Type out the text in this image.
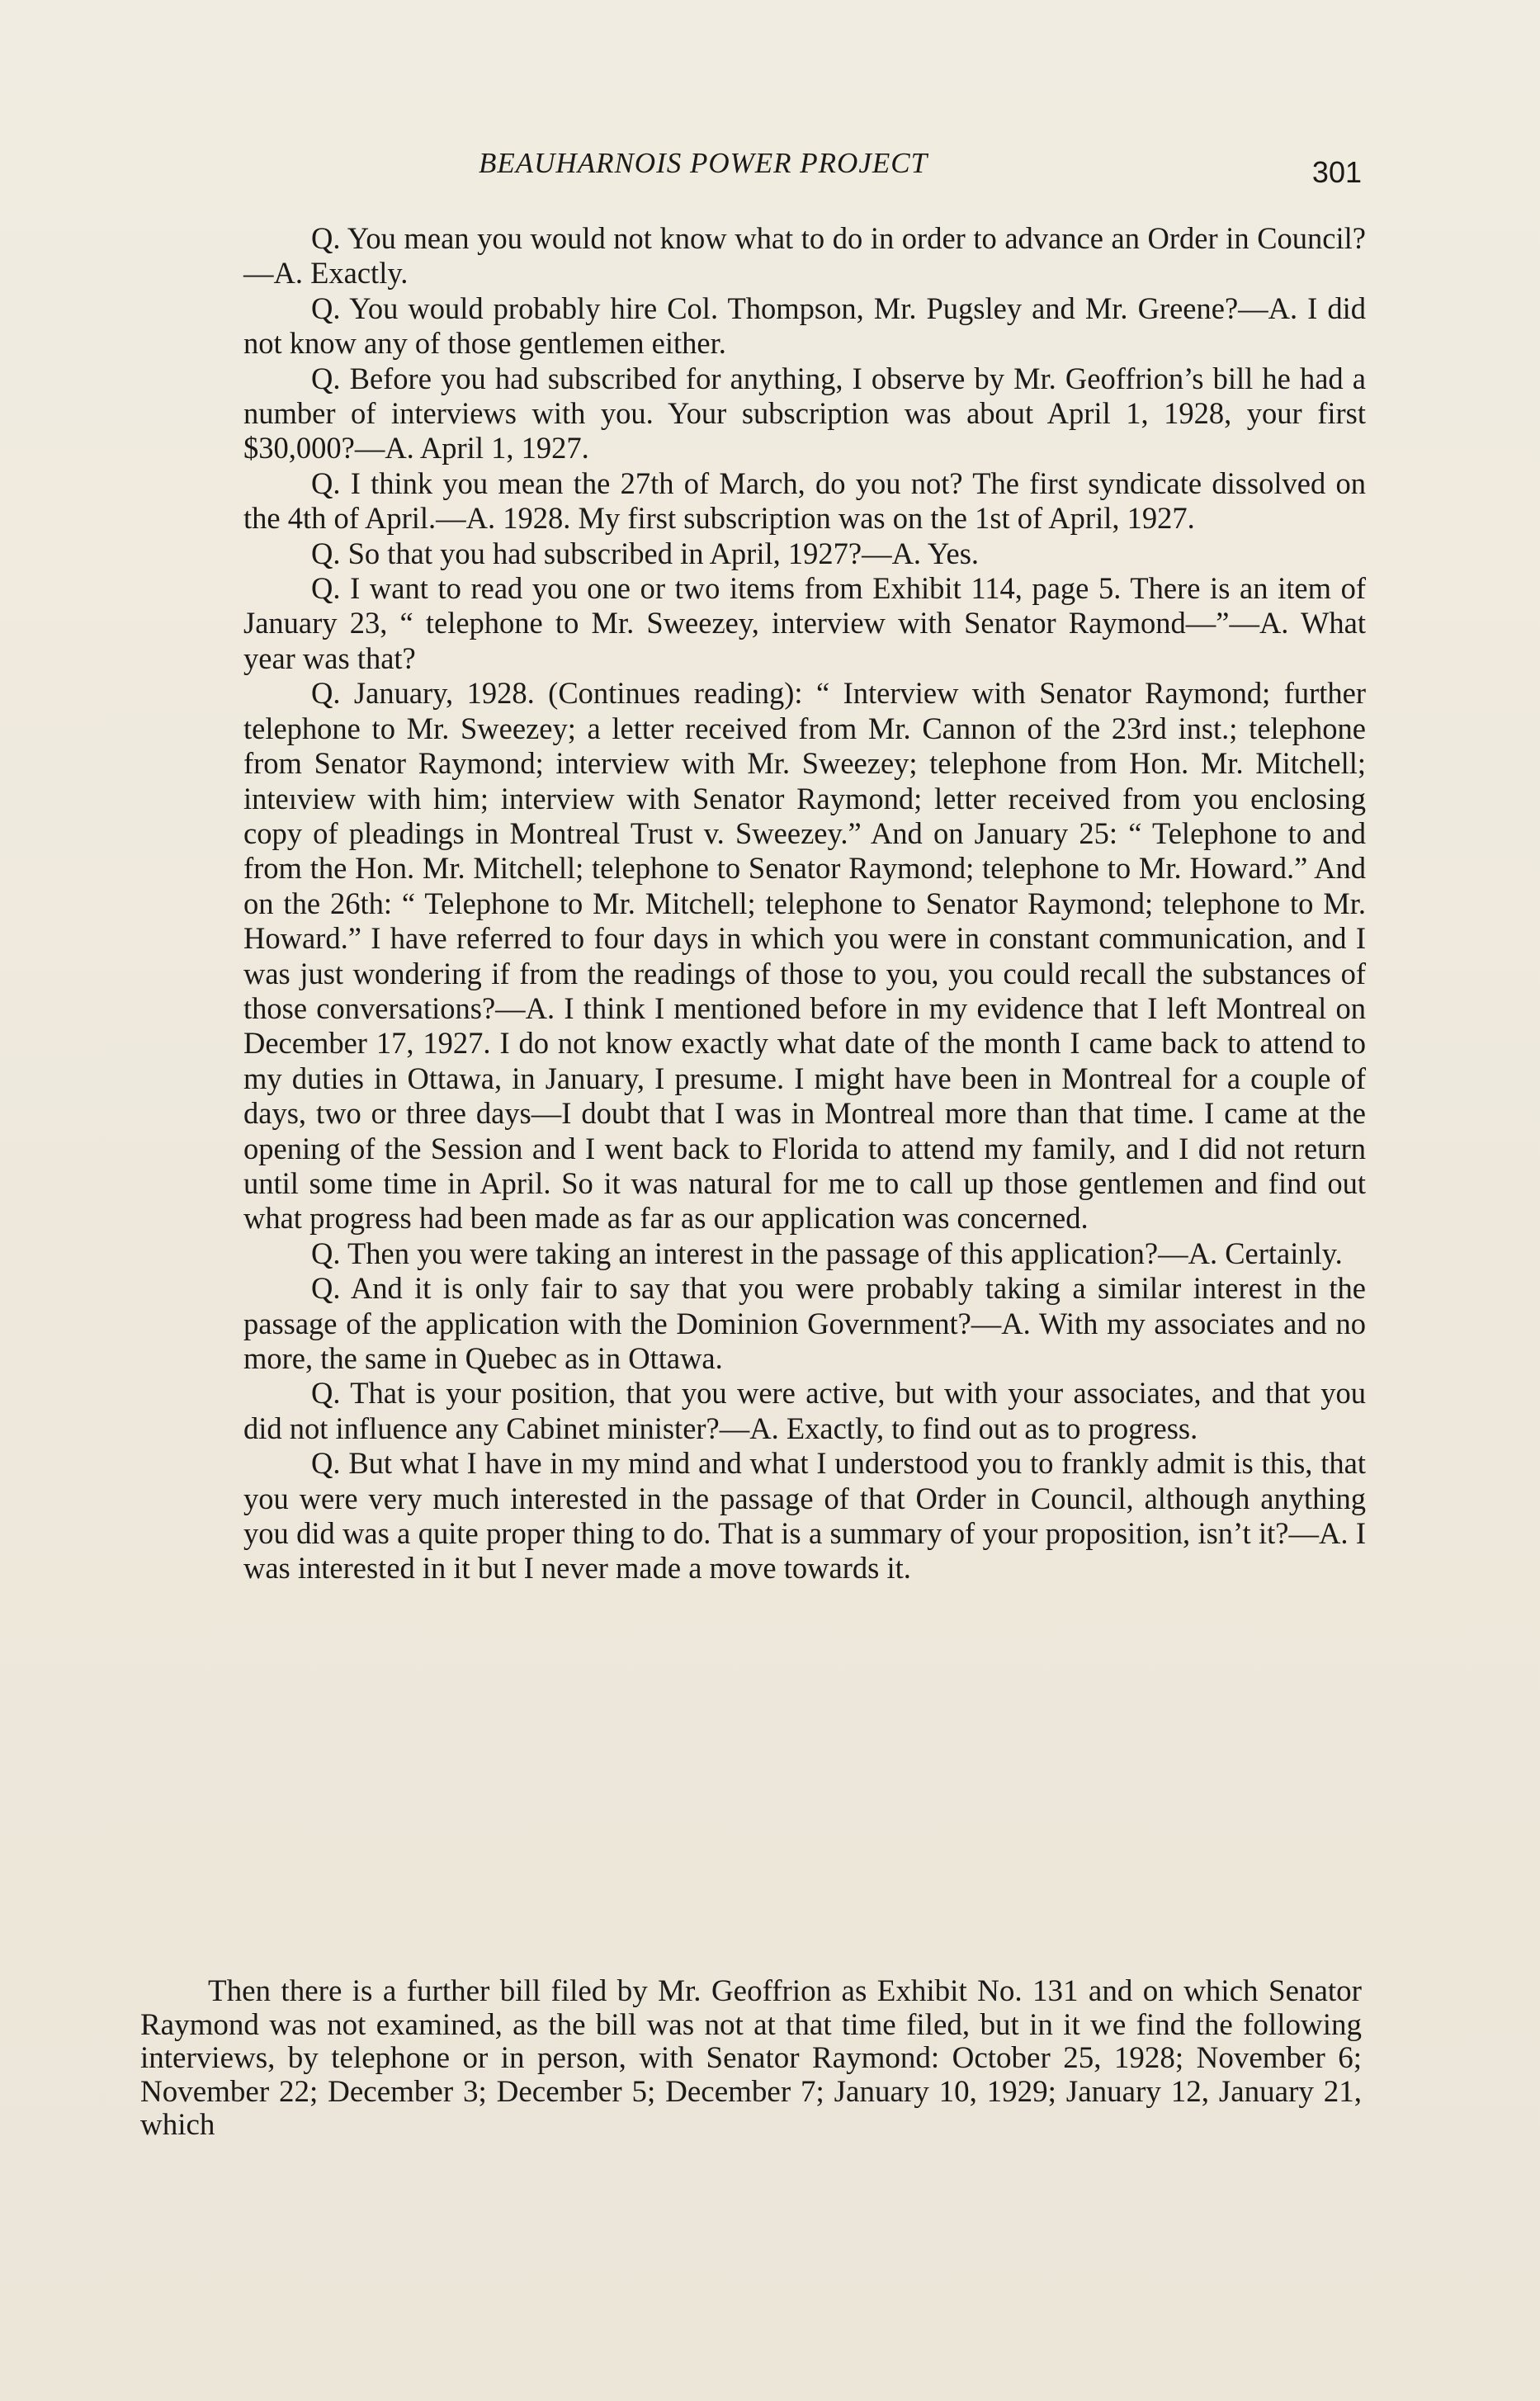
BEAUHARNOIS POWER PROJECT	301

Q. You mean you would not know what to do in order to advance an Order in Council?—A. Exactly.

Q. You would probably hire Col. Thompson, Mr. Pugsley and Mr. Greene?—A. I did not know any of those gentlemen either.

Q. Before you had subscribed for anything, I observe by Mr. Geoffrion’s bill he had a number of interviews with you. Your subscription was about April 1, 1928, your first $30,000?—A. April 1, 1927.

Q. I think you mean the 27th of March, do you not? The first syndicate dissolved on the 4th of April.—A. 1928. My first subscription was on the 1st of April, 1927.

Q. So that you had subscribed in April, 1927?—A. Yes.

Q. I want to read you one or two items from Exhibit 114, page 5. There is an item of January 23, “ telephone to Mr. Sweezey, interview with Senator Raymond—”—A. What year was that?

Q. January, 1928. (Continues reading): “ Interview with Senator Raymond; further telephone to Mr. Sweezey; a letter received from Mr. Cannon of the 23rd inst.; telephone from Senator Raymond; interview with Mr. Sweezey; telephone from Hon. Mr. Mitchell; inteıview with him; interview with Senator Raymond; letter received from you enclosing copy of pleadings in Montreal Trust v. Sweezey.” And on January 25: “ Telephone to and from the Hon. Mr. Mitchell; telephone to Senator Raymond; telephone to Mr. Howard.” And on the 26th: “ Telephone to Mr. Mitchell; telephone to Senator Raymond; telephone to Mr. Howard.” I have referred to four days in which you were in constant communication, and I was just wondering if from the readings of those to you, you could recall the substances of those conversations?—A. I think I mentioned before in my evidence that I left Montreal on December 17, 1927. I do not know exactly what date of the month I came back to attend to my duties in Ottawa, in January, I presume. I might have been in Montreal for a couple of days, two or three days—I doubt that I was in Montreal more than that time. I came at the opening of the Session and I went back to Florida to attend my family, and I did not return until some time in April. So it was natural for me to call up those gentlemen and find out what progress had been made as far as our application was concerned.

Q. Then you were taking an interest in the passage of this application?—A. Certainly.

Q. And it is only fair to say that you were probably taking a similar interest in the passage of the application with the Dominion Government?—A. With my associates and no more, the same in Quebec as in Ottawa.

Q. That is your position, that you were active, but with your associates, and that you did not influence any Cabinet minister?—A. Exactly, to find out as to progress.

Q. But what I have in my mind and what I understood you to frankly admit is this, that you were very much interested in the passage of that Order in Council, although anything you did was a quite proper thing to do. That is a summary of your proposition, isn’t it?—A. I was interested in it but I never made a move towards it.

Then there is a further bill filed by Mr. Geoffrion as Exhibit No. 131 and on which Senator Raymond was not examined, as the bill was not at that time filed, but in it we find the following interviews, by telephone or in person, with Senator Raymond: October 25, 1928; November 6; November 22; December 3; December 5; December 7; January 10, 1929; January 12, January 21, which
